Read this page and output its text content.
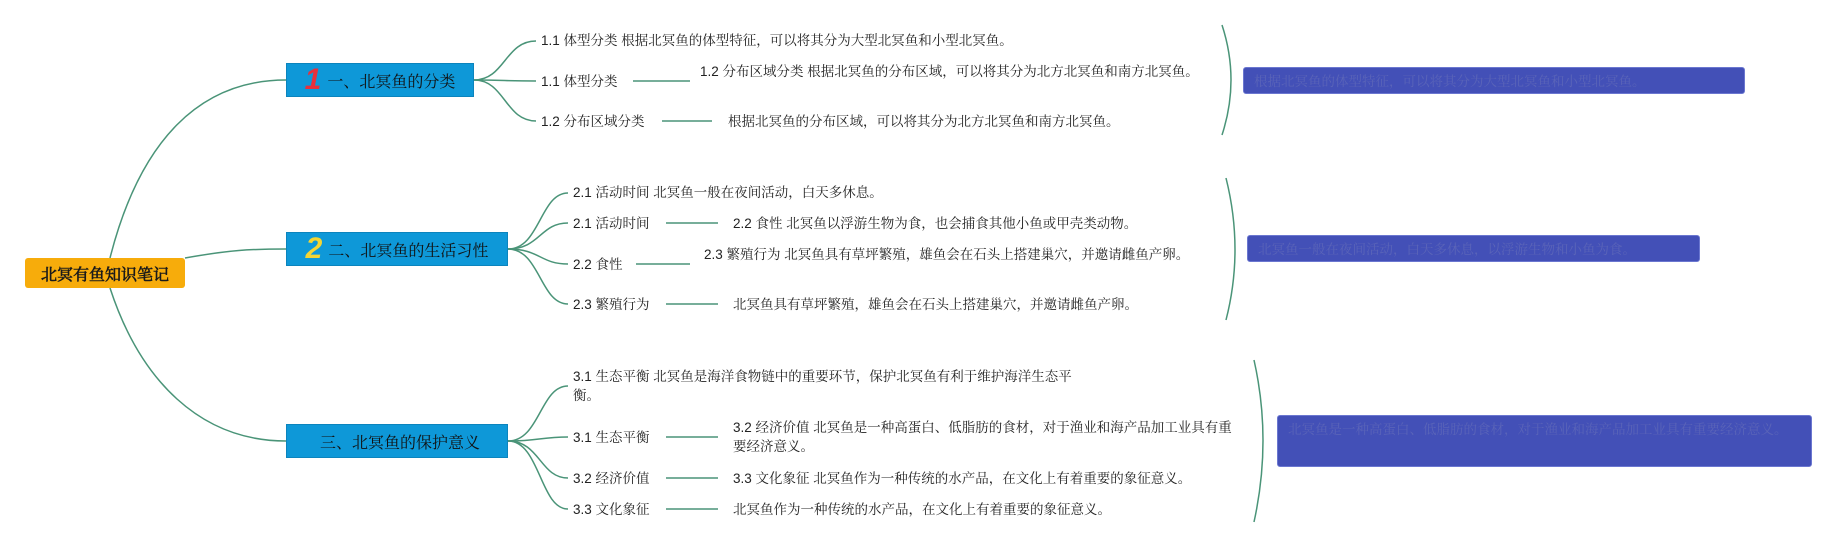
北冥有鱼知识笔记
1 一、北冥鱼的分类
1.1 体型分类 根据北冥鱼的体型特征，可以将其分为大型北冥鱼和小型北冥鱼。
1.1 体型分类
1.2 分布区域分类 根据北冥鱼的分布区域，可以将其分为北方北冥鱼和南方北冥鱼。
1.2 分布区域分类	根据北冥鱼的分布区域，可以将其分为北方北冥鱼和南方北冥鱼。
根据北冥鱼的体型特征，可以将其分为大型北冥鱼和小型北冥鱼。
2 二、北冥鱼的生活习性
2.1 活动时间 北冥鱼一般在夜间活动，白天多休息。
2.1 活动时间	2.2 食性 北冥鱼以浮游生物为食，也会捕食其他小鱼或甲壳类动物。
2.2 食性
2.3 繁殖行为 北冥鱼具有草坪繁殖，雄鱼会在石头上搭建巢穴，并邀请雌鱼产卵。
2.3 繁殖行为	北冥鱼具有草坪繁殖，雄鱼会在石头上搭建巢穴，并邀请雌鱼产卵。
北冥鱼一般在夜间活动，白天多休息，以浮游生物和小鱼为食。
三、北冥鱼的保护意义
3.1 生态平衡 北冥鱼是海洋食物链中的重要环节，保护北冥鱼有利于维护海洋生态平衡。
3.1 生态平衡
3.2 经济价值 北冥鱼是一种高蛋白、低脂肪的食材，对于渔业和海产品加工业具有重要经济意义。
3.2 经济价值	3.3 文化象征 北冥鱼作为一种传统的水产品，在文化上有着重要的象征意义。
3.3 文化象征	北冥鱼作为一种传统的水产品，在文化上有着重要的象征意义。
北冥鱼是一种高蛋白、低脂肪的食材，对于渔业和海产品加工业具有重要经济意义。
